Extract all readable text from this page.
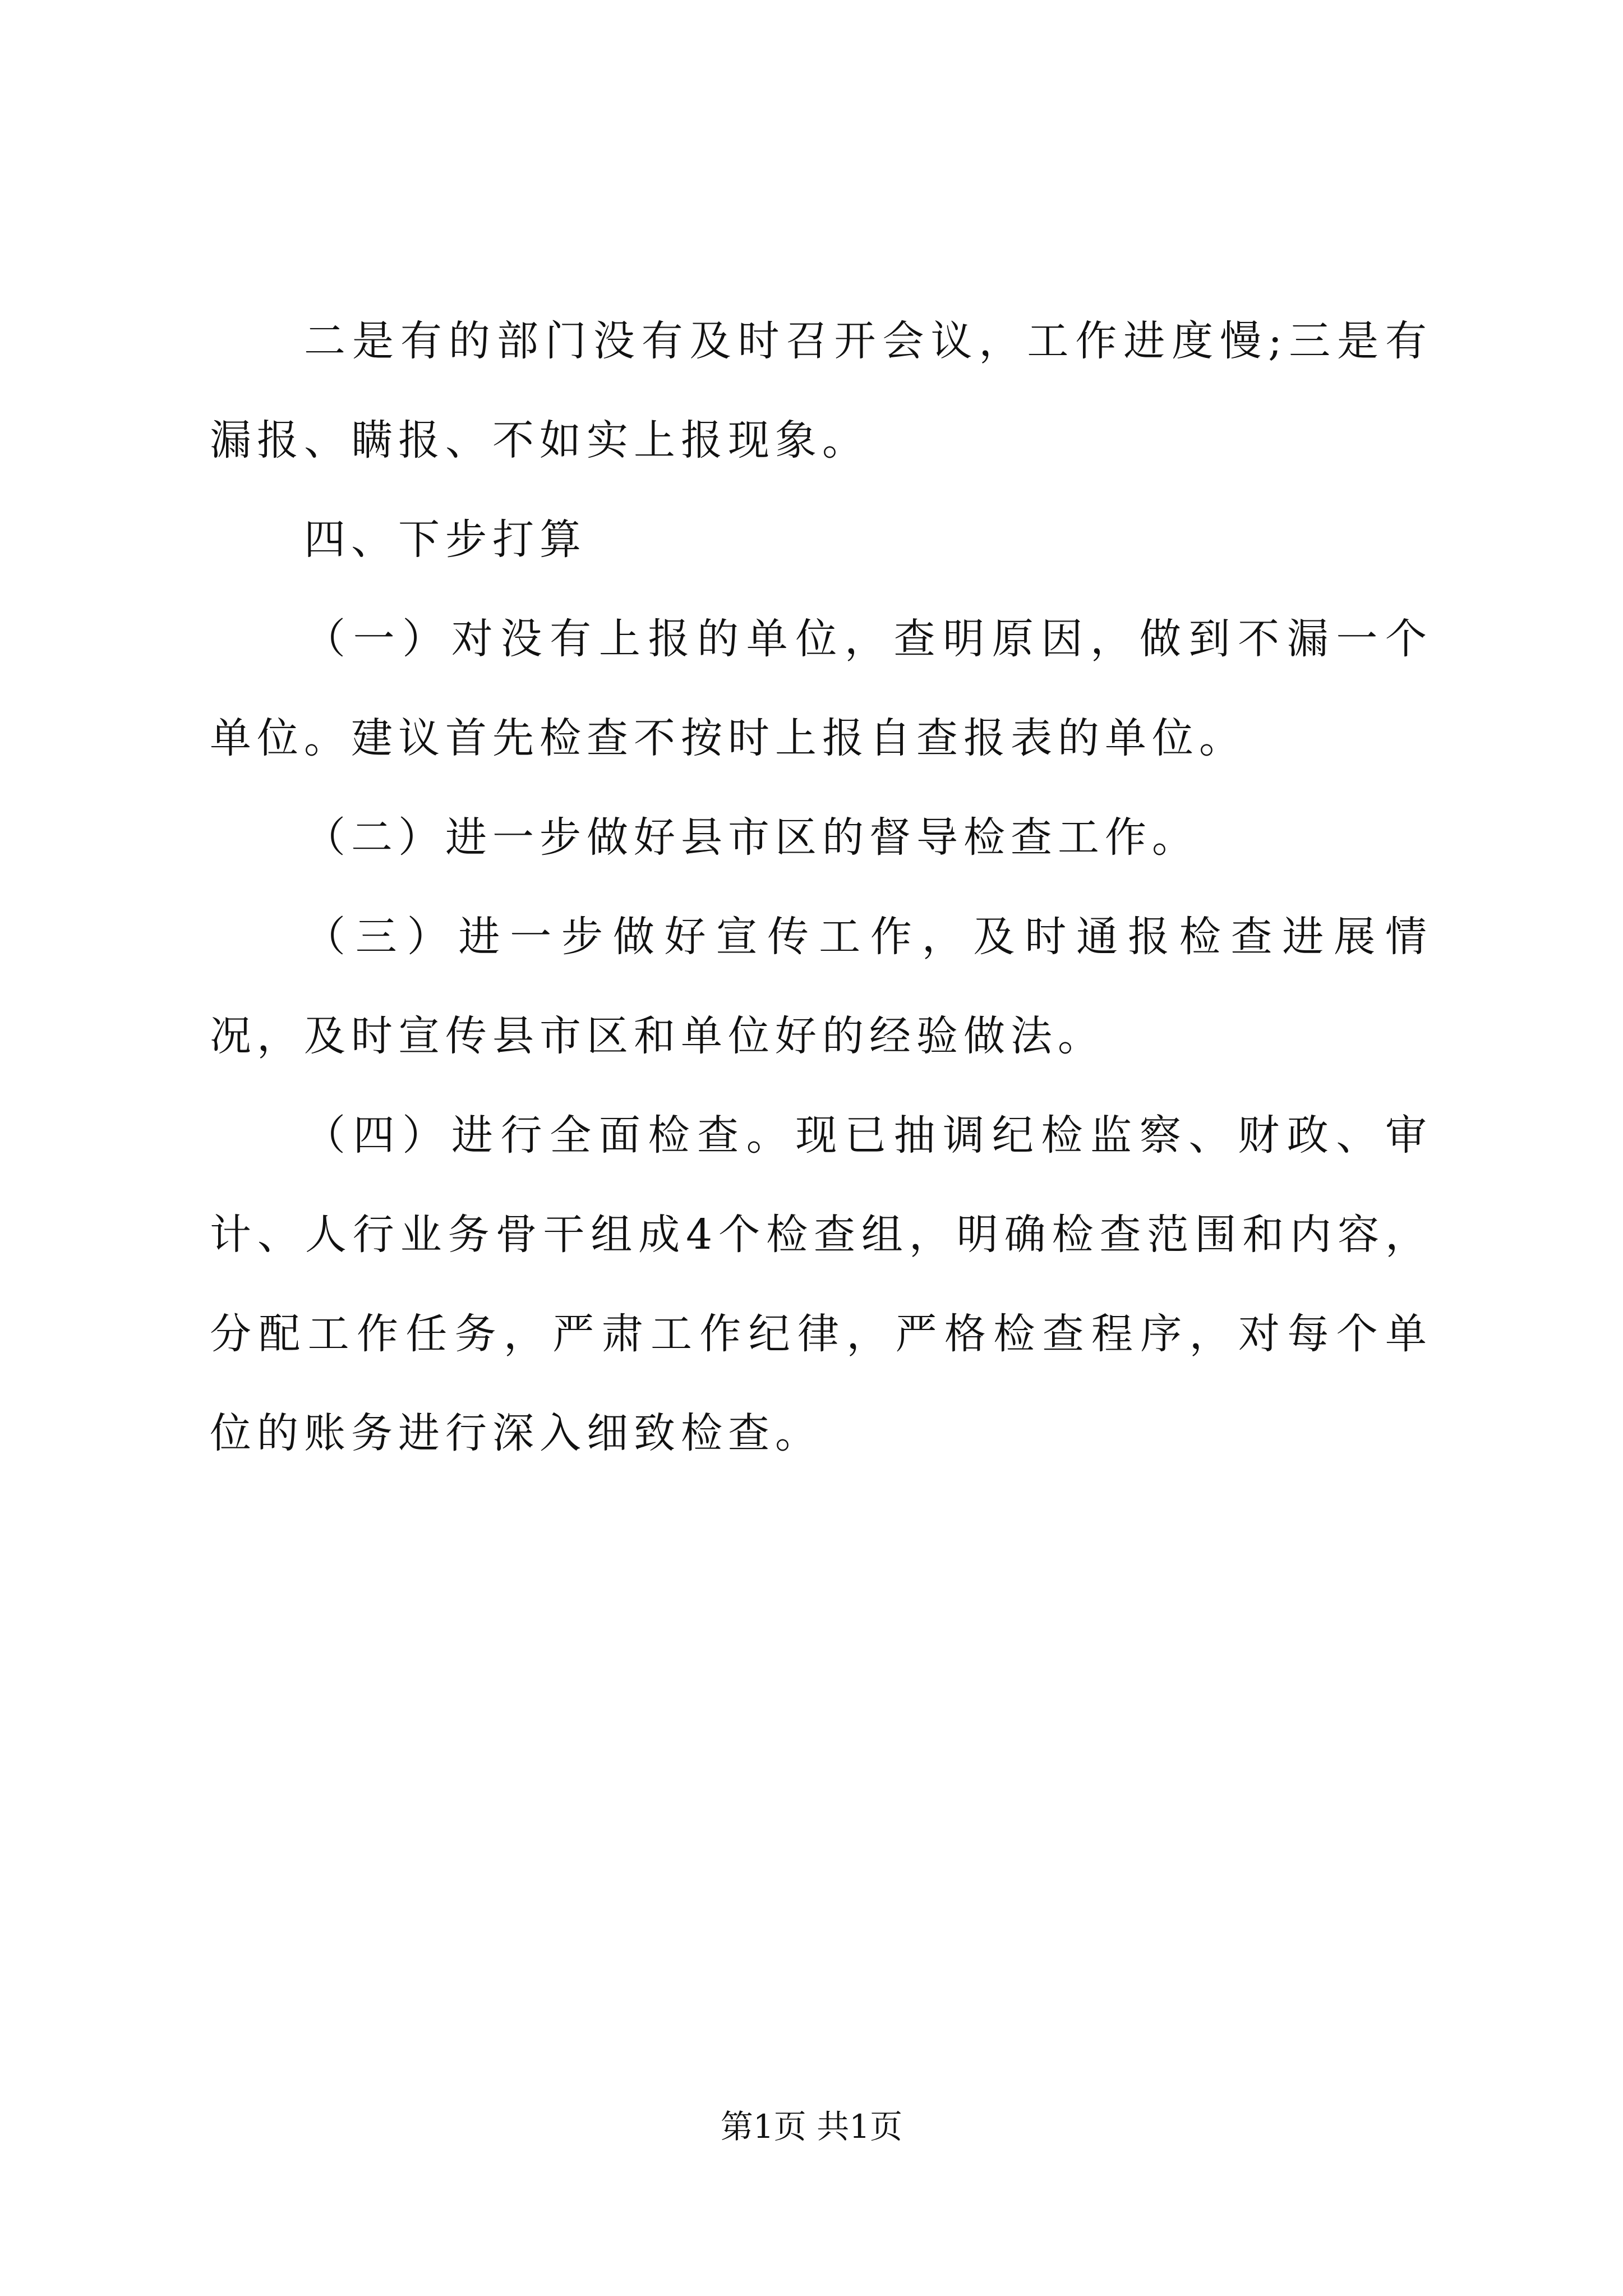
二是有的部门没有及时召开会议，工作进度慢;三是有漏报、瞒报、不如实上报现象。

四、下步打算

（一）对没有上报的单位，查明原因，做到不漏一个单位。建议首先检查不按时上报自查报表的单位。

（二）进一步做好县市区的督导检查工作。

（三）进一步做好宣传工作，及时通报检查进展情况，及时宣传县市区和单位好的经验做法。

（四）进行全面检查。现已抽调纪检监察、财政、审计、人行业务骨干组成4个检查组，明确检查范围和内容，分配工作任务，严肃工作纪律，严格检查程序，对每个单位的账务进行深入细致检查。

第1页 共1页
